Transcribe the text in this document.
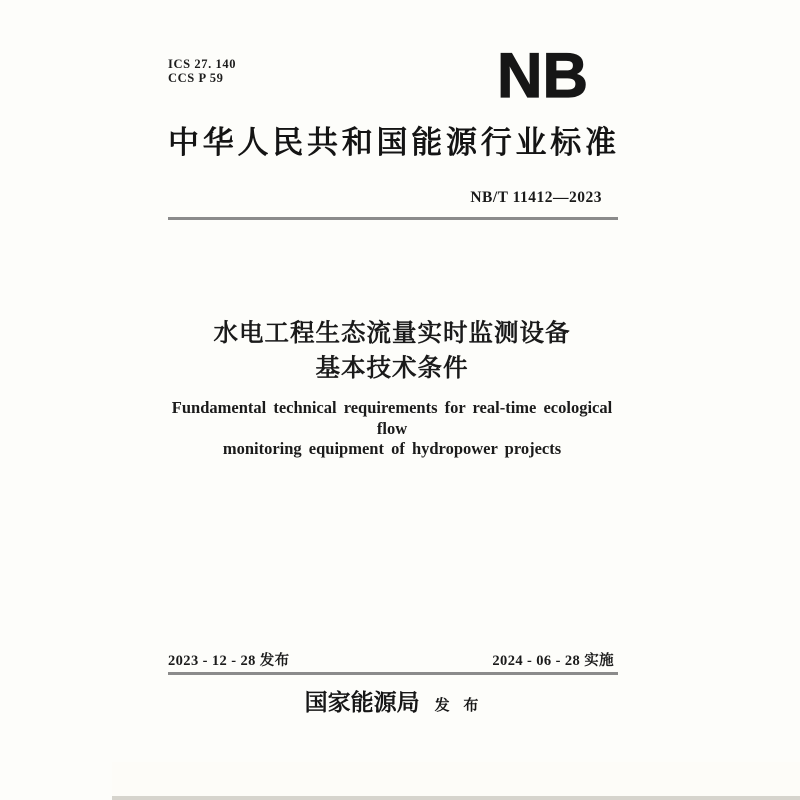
ICS 27. 140
CCS P 59	NB
中华人民共和国能源行业标准
NB/T 11412—2023
水电工程生态流量实时监测设备
基本技术条件
Fundamental technical requirements for real-time ecological flow
monitoring equipment of hydropower projects
2023 - 12 - 28 发布	2024 - 06 - 28 实施
国家能源局 发 布
